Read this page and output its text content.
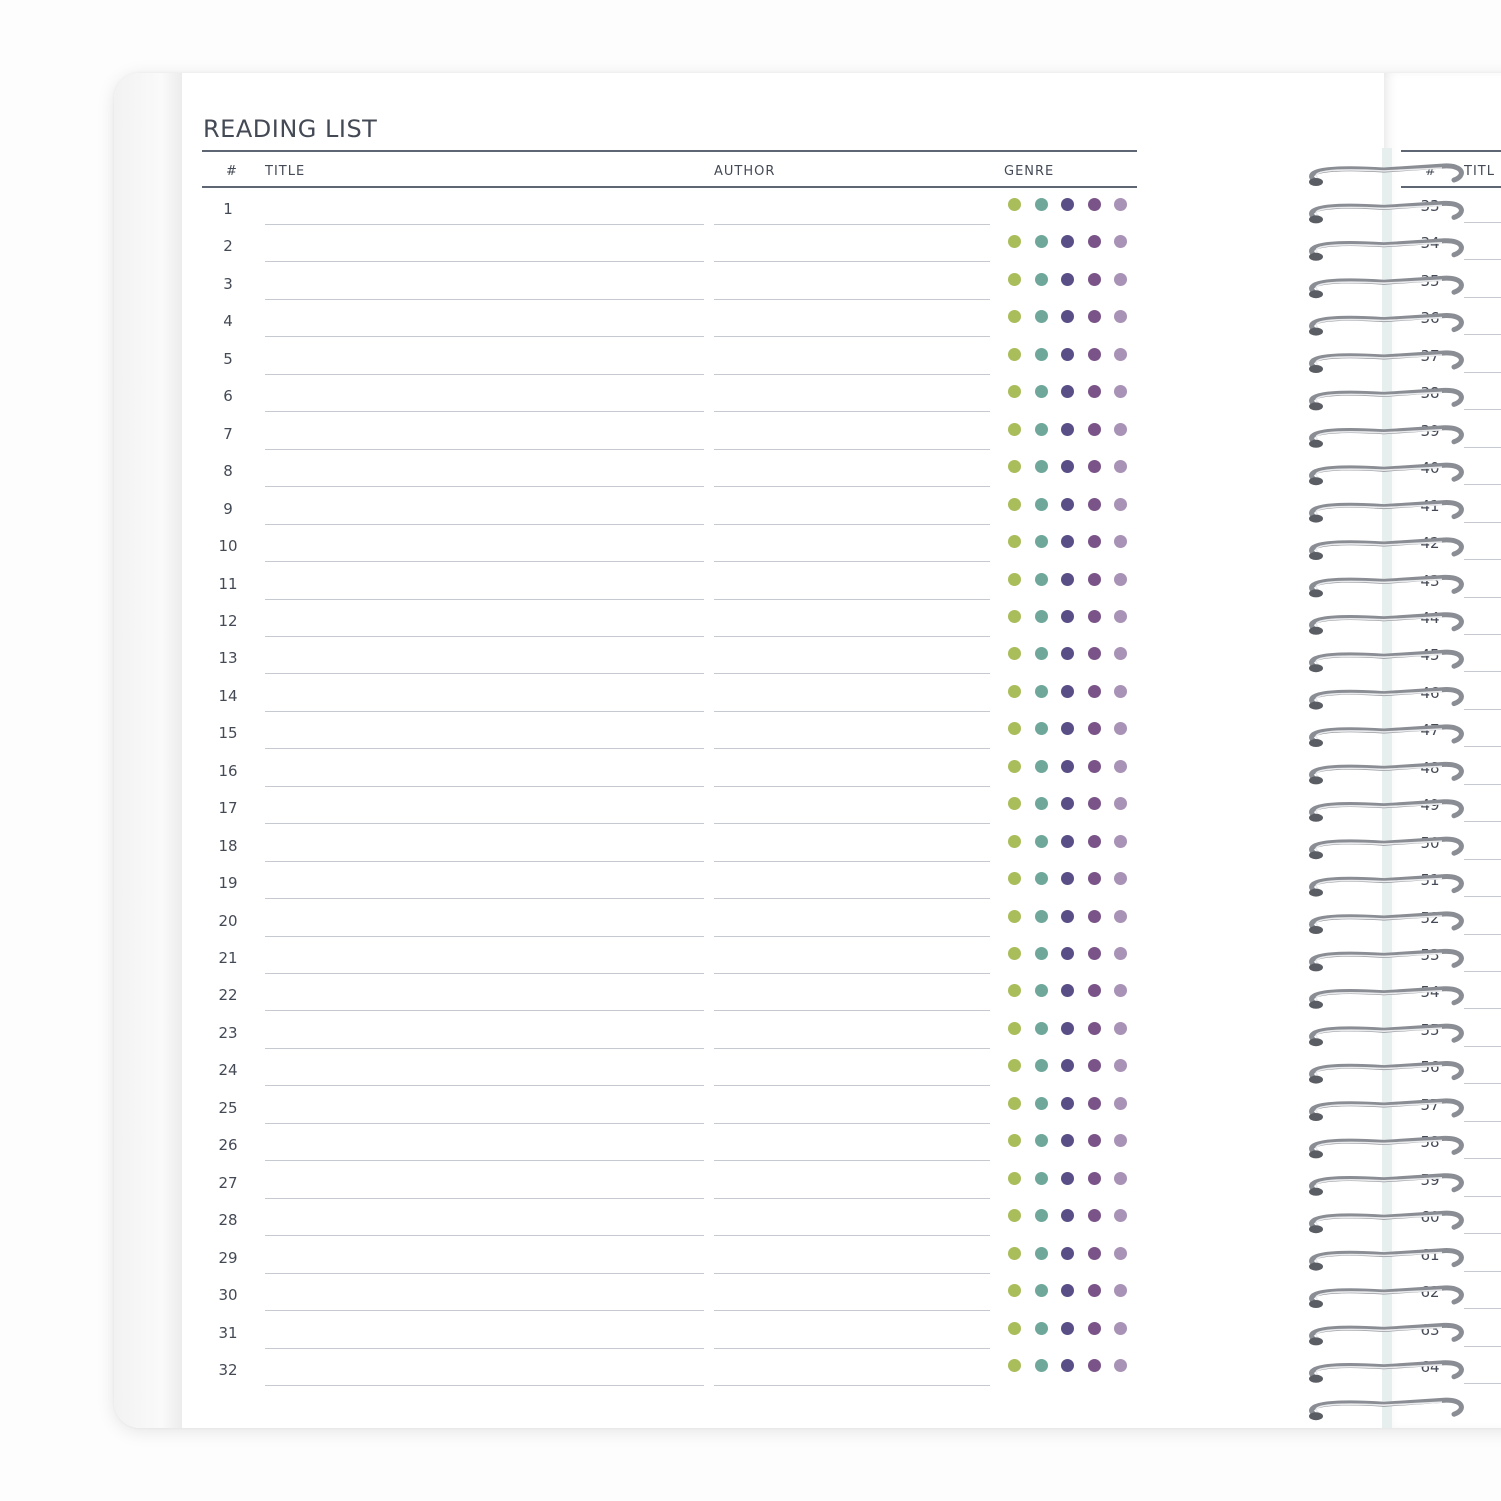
READING LIST
# TITLE	AUTHOR	GENRE
1
2
3
4
5
6
7
8
9
10
11
12
13
14
15
16
17
18
19
20
21
22
23
24
25
26
27
28
29
30
31
32
# TITL
33
34
35
36
37
38
39
40
41
42
43
44
45
46
47
48
49
50
51
52
53
54
55
56
57
58
59
60
61
62
63
64
